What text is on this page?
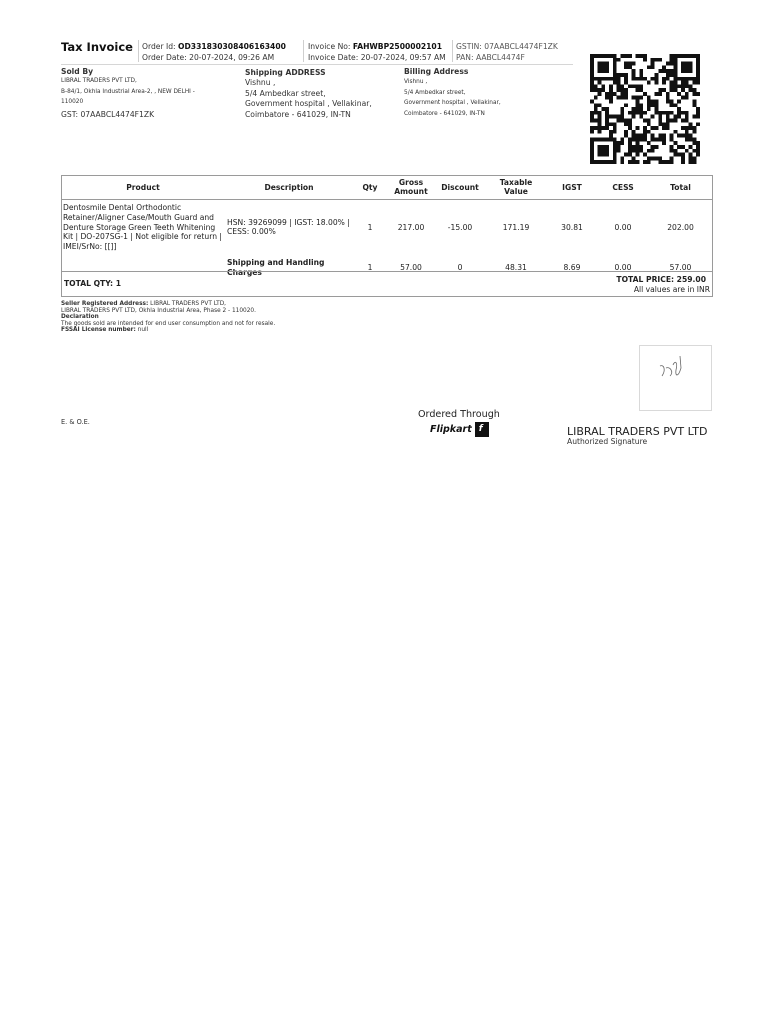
Tax Invoice Order Id: OD331830308406163400
Order Date: 20-07-2024, 09:26 AM
Invoice No: FAHWBP2500002101
Invoice Date: 20-07-2024, 09:57 AM
GSTIN: 07AABCL4474F1ZK
PAN: AABCL4474F
Sold By
LIBRAL TRADERS PVT LTD,
B-84/1, Okhla Industrial Area-2, , NEW DELHI -
110020
GST: 07AABCL4474F1ZK
Shipping ADDRESS
Vishnu ,
5/4 Ambedkar street,
Government hospital , Vellakinar,
Coimbatore - 641029, IN-TN
Billing Address
Vishnu ,
5/4 Ambedkar street,
Government hospital , Vellakinar,
Coimbatore - 641029, IN-TN
Product	Description	Qty	Gross Amount	Discount	Taxable Value	IGST	CESS	Total
Dentosmile Dental Orthodontic Retainer/Aligner Case/Mouth Guard and Denture Storage Green Teeth Whitening Kit | DO-207SG-1 | Not eligible for return | IMEI/SrNo: [[]]	HSN: 39269099 | IGST: 18.00% | CESS: 0.00%	1	217.00	-15.00	171.19	30.81	0.00	202.00
	Shipping and Handling Charges	1	57.00	0	48.31	8.69	0.00	57.00
TOTAL QTY: 1	TOTAL PRICE: 259.00
All values are in INR
Seller Registered Address: LIBRAL TRADERS PVT LTD,
LIBRAL TRADERS PVT LTD, Okhla Industrial Area, Phase 2 - 110020.
Declaration
The goods sold are intended for end user consumption and not for resale.
FSSAI License number: null
E. & O.E.
Ordered Through
Flipkart f	LIBRAL TRADERS PVT LTD
Authorized Signature
